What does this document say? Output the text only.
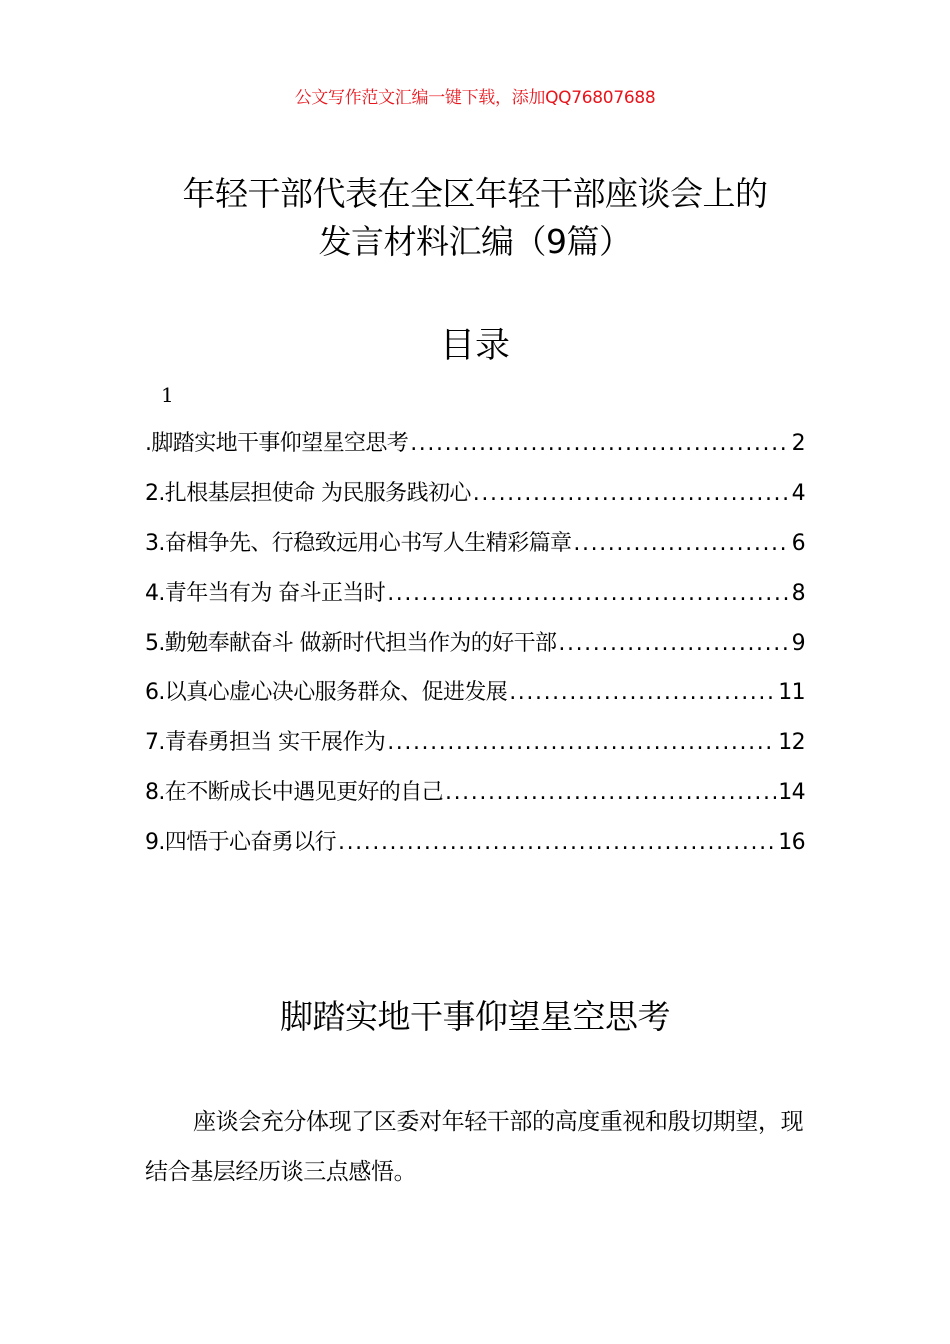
公文写作范文汇编一键下载，添加QQ76807688
年轻干部代表在全区年轻干部座谈会上的
发言材料汇编（9篇）
目录
1
.脚踏实地干事仰望星空思考 .....	2
2.扎根基层担使命 为民服务践初心 .....	4
3.奋楫争先、行稳致远用心书写人生精彩篇章 .....	6
4.青年当有为 奋斗正当时 .....	8
5.勤勉奉献奋斗 做新时代担当作为的好干部 .....	9
6.以真心虚心决心服务群众、促进发展 .....	11
7.青春勇担当 实干展作为 .....	12
8.在不断成长中遇见更好的自己 .....	14
9.四悟于心奋勇以行 .....	16
脚踏实地干事仰望星空思考

座谈会充分体现了区委对年轻干部的高度重视和殷切期望，现结合基层经历谈三点感悟。
